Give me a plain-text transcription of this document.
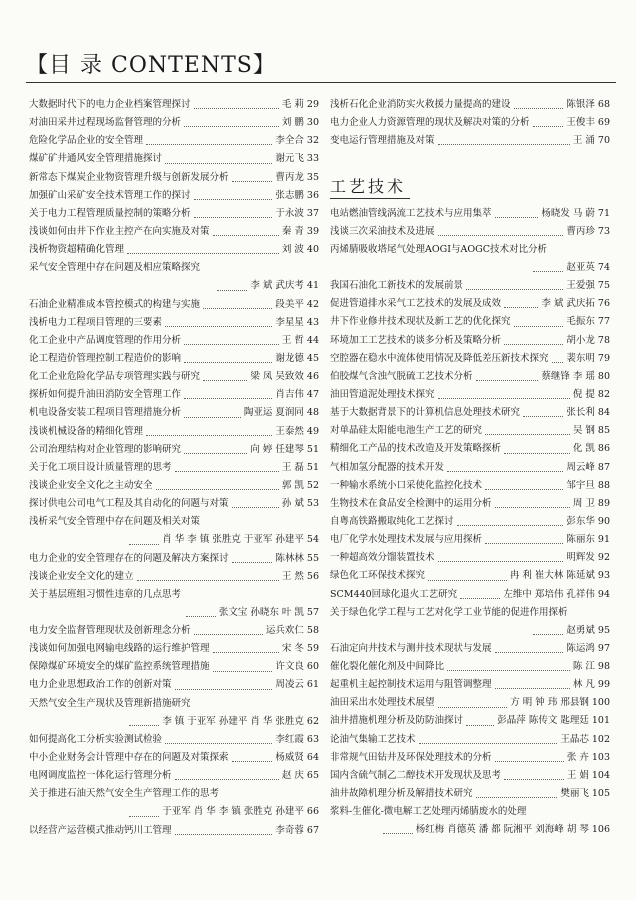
【目 录 CONTENTS】
大数据时代下的电力企业档案管理探讨	毛 莉 29
对油田采井过程现场监督管理的分析	刘 鹏 30
危险化学品企业的安全管理	李全合 32
煤矿矿井通风安全管理措施探讨	谢元飞 33
新常态下煤炭企业物资管理升级与创新发展分析	曹丙龙 35
加强矿山采矿安全技术管理工作的探讨	张志鹏 36
关于电力工程管理质量控制的策略分析	于永波 37
浅谈如何由井下作业主控产在向实施及对策	秦 青 39
浅析物资超精确化管理	刘 波 40
采气安全管理中存在问题及相应策略探究
李 斌 武庆考 41
石油企业精准成本管控模式的构建与实施	段美平 42
浅析电力工程项目管理的三要素	李星星 43
化工企业中产品调度管理的作用分析	王 哲 44
论工程造价管理控制工程造价的影响	谢龙德 45
化工企业危险化学品专项管理实践与研究	梁 凤 吴致效 46
探析如何提升油田消防安全管理工作	肖吉伟 47
机电设备安装工程项目管理措施分析	陶亚运 夏润同 48
浅谈机械设备的精细化管理	王泰然 49
公司治理结构对企业管理的影响研究	向 婷 任建琴 51
关于化工项目设计质量管理的思考	王 磊 51
浅谈企业安全文化之主动安全	郭 凯 52
探讨供电公司电气工程及其自动化的问题与对策	孙 斌 53
浅析采气安全管理中存在问题及相关对策
肖 华 李 镇 张胜克 于亚军 孙建平 54
电力企业的安全管理存在的问题及解决方案探讨	陈林林 55
浅谈企业安全文化的建立	王 然 56
关于基层班组习惯性违章的几点思考
张文宝 孙晓东 叶 凯 57
电力安全监督管理现状及创新理念分析	运兵欢仁 58
浅谈如何加强电网输电线路的运行维护管理	宋 冬 59
保障煤矿环境安全的煤矿监控系统管理措施	许文良 60
电力企业思想政治工作的创新对策	周凌云 61
天然气安全生产现状及管理新措施研究
李 镇 于亚军 孙建平 肖 华 张胜克 62
如何提高化工分析实验测试检验	李红霞 63
中小企业财务会计管理中存在的问题及对策探索	杨威贤 64
电网调度监控一体化运行管理分析	赵 庆 65
关于推进石油天然气安全生产管理工作的思考
于亚军 肖 华 李 镇 张胜克 孙建平 66
以经营产运营模式推动钙川工管理	李奇蓉 67
浅析石化企业消防实火救援力量提高的建设	陈银泽 68
电力企业人力资源管理的现状及解决对策的分析	王俊丰 69
变电运行管理措施及对策	王 涌 70
工艺技术
电站燃油管线涡流工艺技术与应用集萃	杨晓发 马 蔚 71
浅谈三次采油技术及进展	曹丙珍 73
丙烯腈吸收塔尾气处理AOGI与AOGC技术对比分析
赵亚英 74
我国石油化工新技术的发展前景	王爱强 75
促进管道排水采气工艺技术的发展及成效	李 斌 武庆拓 76
井下作业修井技术现状及新工艺的优化探究	毛振东 77
环境加工工艺技术的谈多分析及策略分析	胡小龙 78
空腔器在稳水中流体使用情况及降低差压新技术探究 裴东明 79
伯胶煤气含浊气脱硫工艺技术分析	蔡继锋 李 瑶 80
油田管道泥处理技术探究	倪 提 82
基于大数据背景下的计算机信息处理技术研究	张长利 84
对单晶硅太阳能电池生产工艺的研究	吴 钢 85
精细化工产品的技术改造及开发策略探析	化 凯 86
气相加氢分配器的技术开发	周云峰 87
一种输水系统小口采使化监控化技术	邹宇旦 88
生物技术在食品安全检测中的运用分析	周 卫 89
自粤高铁路搬取纯化工艺探讨	彭东华 90
电厂化学水处理技术发展与应用探析	陈丽东 91
一种超高效分馏装置技术	明辉发 92
绿色化工环保技术探究	冉 利 崔大林 陈延斌 93
SCM440回球化退火工艺研究	左维中 郑培伟 孔祥伟 94
关于绿色化学工程与工艺对化学工业节能的促进作用探析
赵勇斌 95
石油定向井技术与测井技术现状与发展	陈运鸿 97
催化裂化催化剂及中间降比	陈 江 98
起重机主起控制技术运用与阻管调整理	林 凡 99
油田采出水处理技术展望	方 明 钟 玮 邢县钢 100
油井措施机理分析及防防油探讨	彭晶萍 陈传文 匙理廷 101
论油气集输工艺技术	王晶芯 102
非常规气田钻井及环保处理技术的分析	张 卉 103
国内含硫气制乙二醇技术开发现状及思考	王 娟 104
油井故障机理分析及解措技术研究	樊丽飞 105
浆料-生催化-微电解工艺处理丙烯腈废水的处理
杨红梅 肖德英 潘 都 阮湘平 刘海峰 胡 琴 106
